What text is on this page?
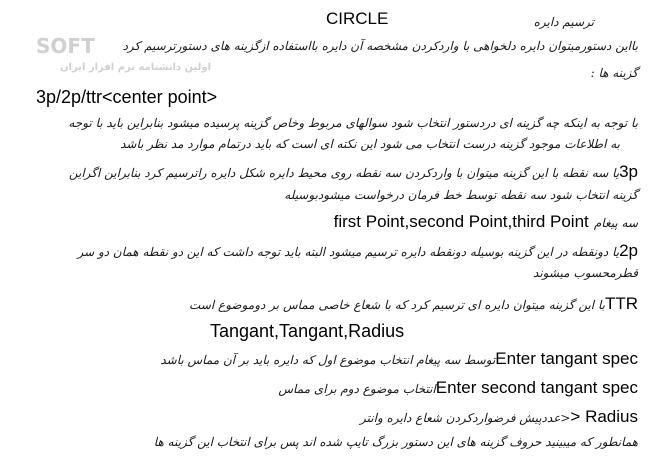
SOFT
اولین دانشنامه نرم افزار ایران
CIRCLE	ترسیم دایره
بااین دستورمیتوان دایره دلخواهی با واردکردن مشخصه آن دایره بااستفاده ازگزینه های دستورترسیم کرد
گزینه ها :
3p/2p/ttr<center point>
با توجه به اینکه چه گزینه ای دردستور انتخاب شود سوالهای مربوط وخاص گزینه پرسیده میشود بنابراین باید با توجه
به اطلاعات موجود گزینه درست انتخاب می شود این نکته ای است که باید درتمام موارد مد نظر باشد
3pیا سه نقطه با این گزینه میتوان با واردکردن سه نقطه روی محیط دایره شکل دایره راترسیم کرد بنابراین اگراین
گزینه انتخاب شود سه نقطه توسط خط فرمان درخواست میشودبوسیله
سه پیغام first Point,second Point,third Point
2pیا دونقطه در این گزینه بوسیله دونقطه دایره ترسیم میشود البته باید توجه داشت که این دو نقطه همان دو سر
قطرمحسوب میشوند
TTRبا این گزینه میتوان دایره ای ترسیم کرد که با شعاع خاصی مماس بر دوموضوع است
Tangant,Tangant,Radius
Enter tangant specتوسط سه پیغام انتخاب موضوع اول که دایره باید بر آن مماس باشد
Enter second tangant specانتخاب موضوع دوم برای مماس
Radius <<عددپیش فرضواردکردن شعاع دایره وانتر
همانطور که میبینید حروف گزینه های این دستور بزرگ تایپ شده اند پس برای انتخاب این گزینه ها
